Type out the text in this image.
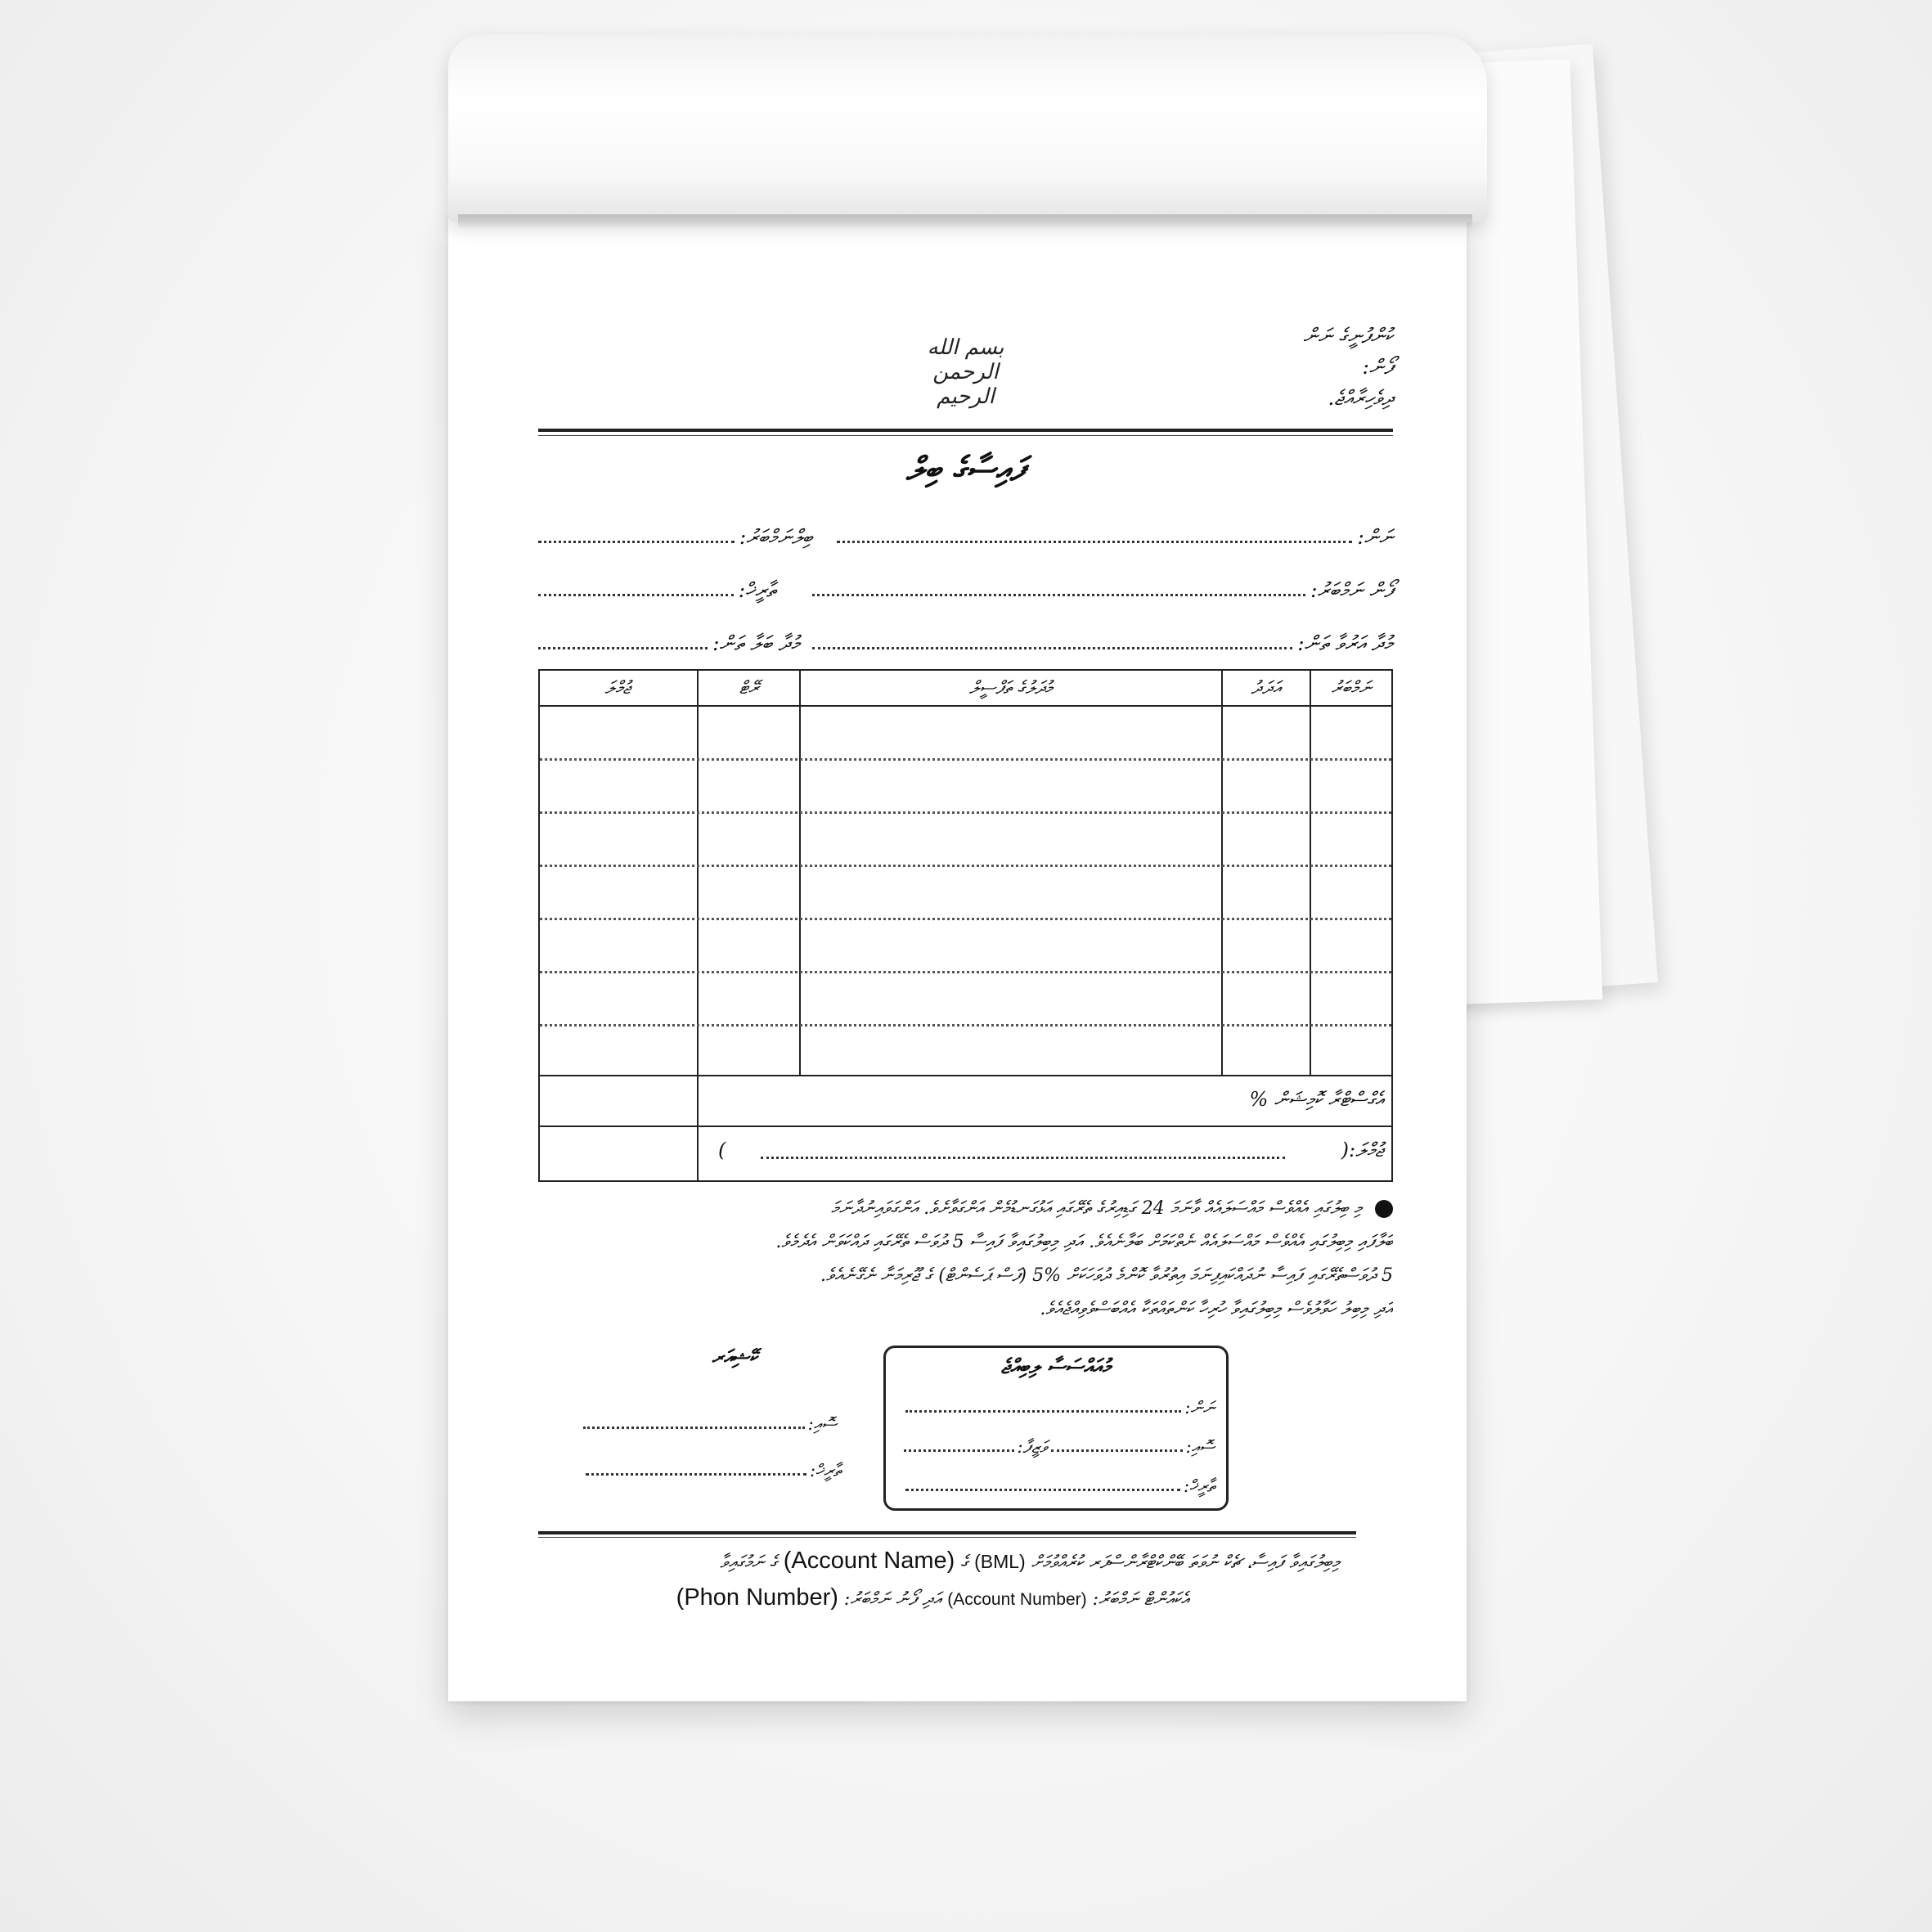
ކުންފުނީގެ ނަން
ފޯން:
ދިވެހިރާއްޖެ.
بسم الله الرحمن الرحيم
ފައިސާގެ ބިލް
ނަން:
ބިލްނަމްބަރު:
ފޯން ނަމްބަރު:
ތާރީޚް:
މުދާ އަރުވާ ތަން:
މުދާ ބަލާ ތަން:
ނަމްބަރު
އަދަދު
މުދަލުގެ ތަފްސީލް
ރޭޓް
ޖުމްލަ
އެގްސްޓްރާ ކޮމިޝަން %
ޖުމްލަ:(
)
މި ބިލުގައި އެއްވެސް މައްސަލައެއް ވާނަމަ 24 ގަޑިއިރުގެ ތެރޭގައި އަޅުގަނޑުމެން އަންގަވާށެވެ. އަންގަވައިނުދާނަމަ
ބަލާފައި މިބިލުގައި އެއްވެސް މައްސަލައެއް ނެތްކަމަށް ބަލާނެއެވެ. އަދި މިބިލުގައިވާ ފައިސާ 5 ދުވަސް ތެރޭގައި ދައްކަވަން އެދެމެވެ.
5 ދުވަސްތެރޭގައި ފައިސާ ނުދައްކައިފިނަމަ އިތުރުވާ ކޮންމެ ދުވަހަކަށް %5 (ފަސް ޕަސެންޓް) ގެ ޖޫރިމަނާ ނެގޭނެއެވެ.
އަދި މިބިލު ހަވާލުވެސް މިބިލުގައިވާ ހުރިހާ ކަންތައްތަކާ އެއްބަސްވެވިއްޖެއެވެ.
ކޭޝިއަރ
ސޮއި:
ތާރީޚް:
މުއައްސަސާ ލިބިއްޖެ
ނަން:
ސޮއި:
ވަޒީފާ:
ތާރީޚް:
މިބިލުގައިވާ ފައިސާ، ޗެކް ނުވަތަ ބޭންކްޓްރާންސްފަރ ކުރެއްވުމަށް (BML) ގެ (Account Name) ގެ ނަމުގައިވާ
އެކައުންޓް ނަމްބަރު: (Account Number) އަދި ފޯނު ނަމްބަރު: (Phon Number)
